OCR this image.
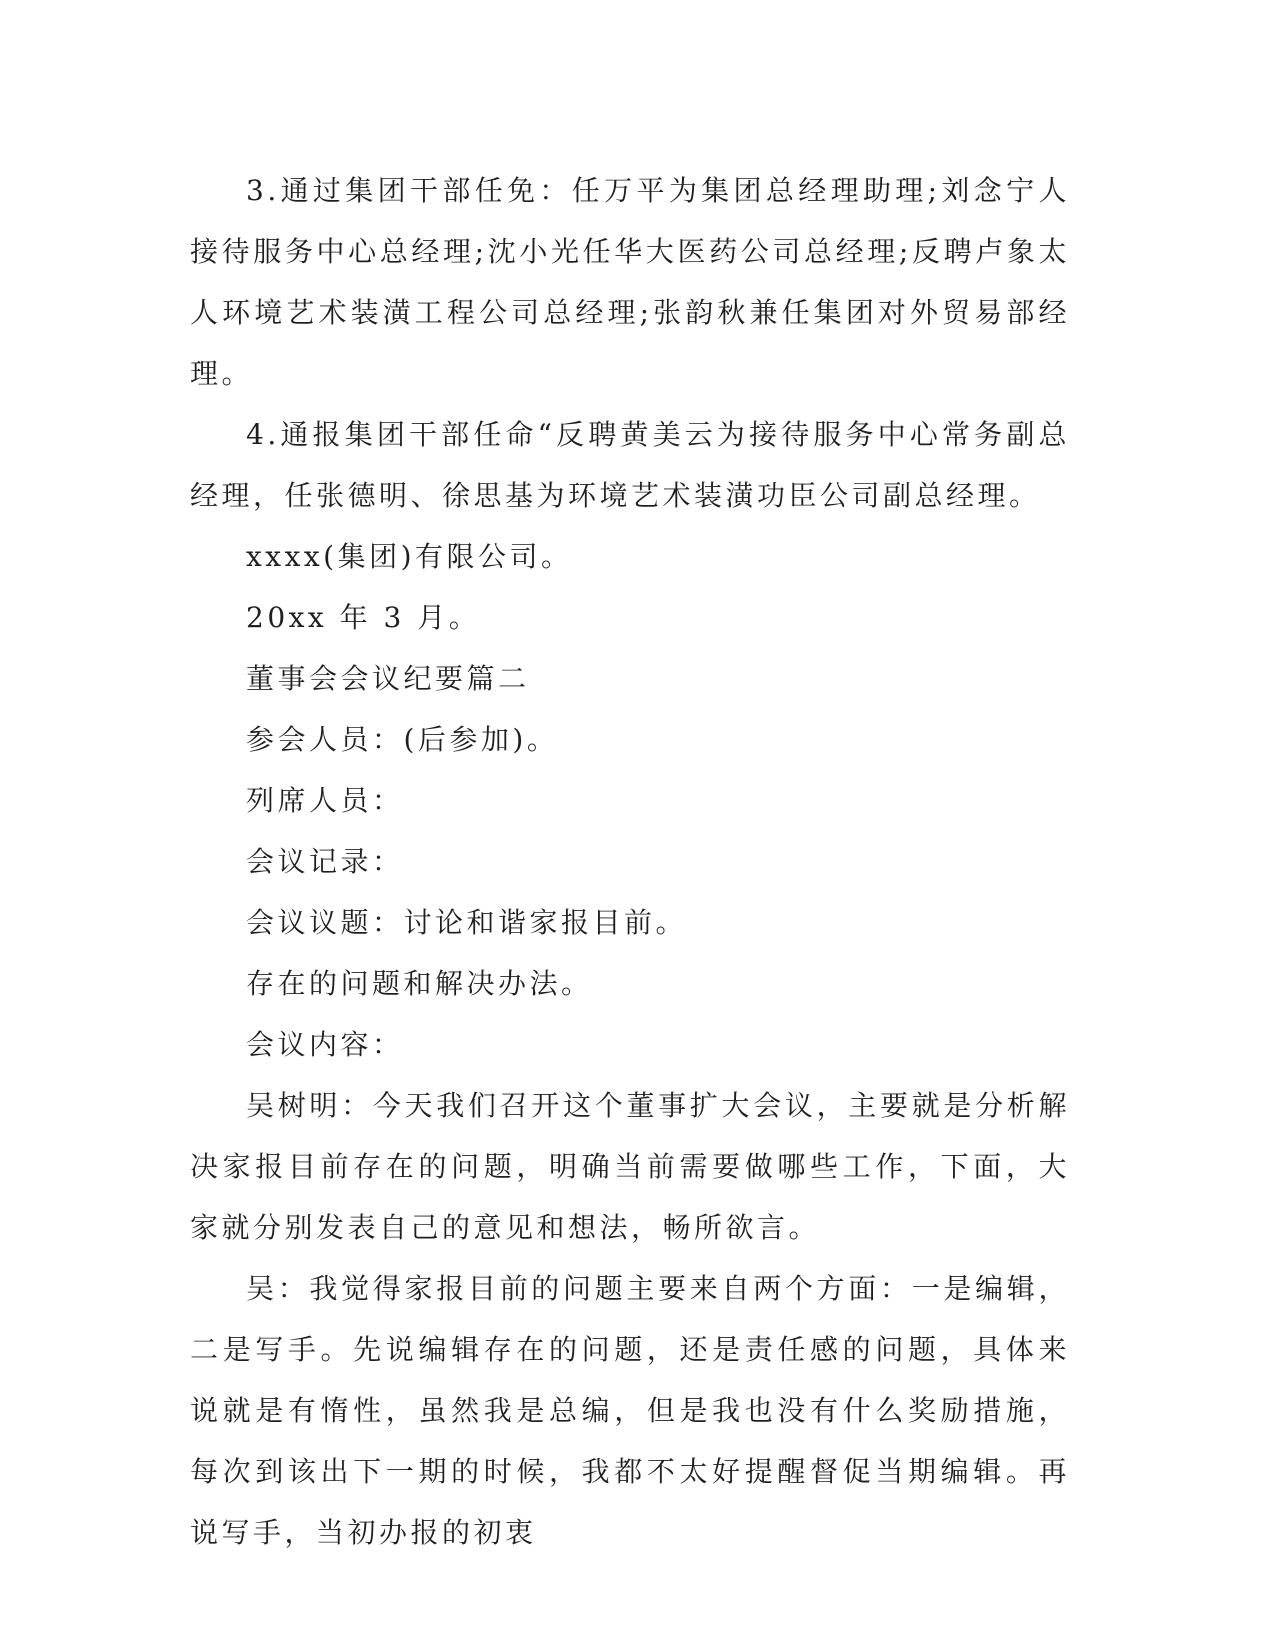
3.通过集团干部任免：任万平为集团总经理助理;刘念宁人接待服务中心总经理;沈小光任华大医药公司总经理;反聘卢象太人环境艺术装潢工程公司总经理;张韵秋兼任集团对外贸易部经理。

4.通报集团干部任命“反聘黄美云为接待服务中心常务副总经理，任张德明、徐思基为环境艺术装潢功臣公司副总经理。

xxxx(集团)有限公司。

20xx 年 3 月。

董事会会议纪要篇二

参会人员：(后参加)。

列席人员：

会议记录：

会议议题：讨论和谐家报目前。

存在的问题和解决办法。

会议内容：

吴树明：今天我们召开这个董事扩大会议，主要就是分析解决家报目前存在的问题，明确当前需要做哪些工作，下面，大家就分别发表自己的意见和想法，畅所欲言。

吴：我觉得家报目前的问题主要来自两个方面：一是编辑，二是写手。先说编辑存在的问题，还是责任感的问题，具体来说就是有惰性，虽然我是总编，但是我也没有什么奖励措施，每次到该出下一期的时候，我都不太好提醒督促当期编辑。再说写手，当初办报的初衷
